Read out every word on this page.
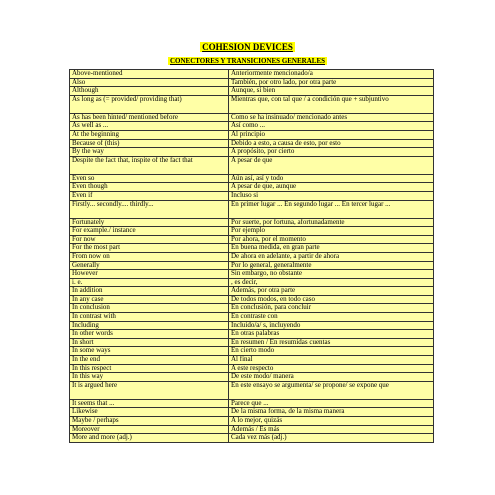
COHESION DEVICES
CONECTORES Y TRANSICIONES GENERALES
Above-mentioned	Anteriormente mencionado/a
Also	También, por otro lado, por otra parte
Although	Aunque, si bien
As long as (= provided/ providing that)	Mientras que, con tal que / a condición que + subjuntivo
As has been hinted/ mentioned before	Como se ha insinuado/ mencionado antes
As well as ...	Así como ...
At the beginning	Al principio
Because of (this)	Debido a esto, a causa de esto, por esto
By the way	A propósito, por cierto
Despite the fact that, inspite of the fact that	A pesar de que
Even so	Aún así, así y todo
Even though	A pesar de que, aunque
Even if	Incluso si
Firstly... secondly.... thirdly...	En primer lugar ... En segundo lugar ... En tercer lugar ...
Fortunately	Por suerte, por fortuna, afortunadamente
For example./ instance	Por ejemplo
For now	Por ahora, por el momento
For the most part	En buena medida, en gran parte
From now on	De ahora en adelante, a partir de ahora
Generally	Por lo general, generalmente
However	Sin embargo, no obstante
i. e.	, es decir,
In addition	Además, por otra parte
In any case	De todos modos, en todo caso
In conclusion	En conclusión, para concluir
In contrast with	En contraste con
Including	Incluido/a/ s, incluyendo
In other words	En otras palabras
In short	En resumen / En resumidas cuentas
In some ways	En cierto modo
In the end	Al final
In this respect	A este respecto
In this way	De este modo/ manera
It is argued here	En este ensayo se argumenta/ se propone/ se expone que
It seems that ...	Parece que ...
Likewise	De la misma forma, de la misma manera
Maybe / perhaps	A lo mejor, quizás
Moreover	Además / Es más
More and more (adj.)	Cada vez más (adj.)
